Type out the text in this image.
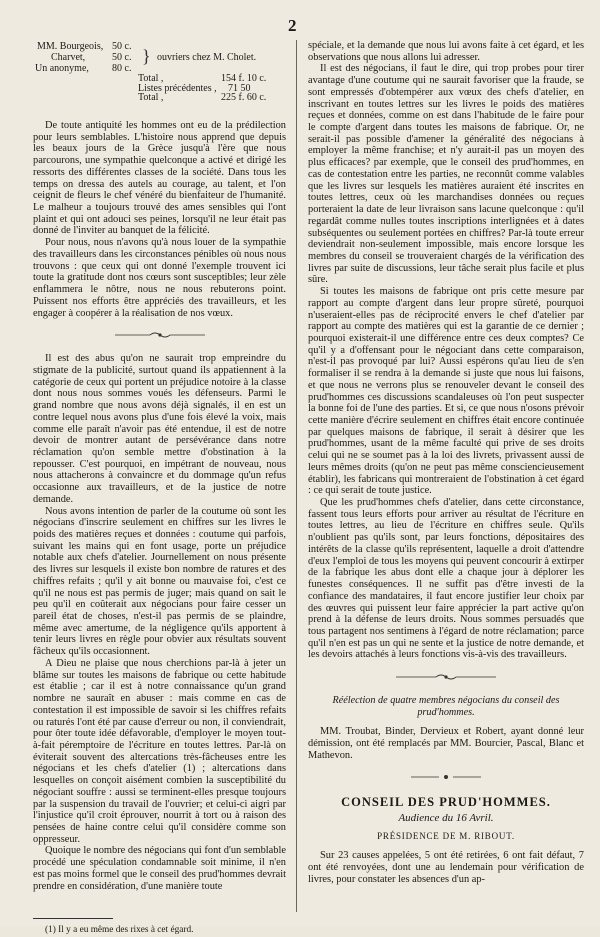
2
MM. Bourgeois, 50 c.
Charvet,	50 c.
Un anonyme, 80 c.
} ouvriers chez M. Cholet.
Total ,	154 f. 10 c.
Listes précédentes , 71 50
Total ,	225 f. 60 c.

De toute antiquité les hommes ont eu de la prédilection pour leurs semblables. L'histoire nous apprend que depuis les beaux jours de la Grèce jusqu'à l'ère que nous parcourons, une sympathie quelconque a activé et dirigé les ressorts des différentes classes de la société. Dans tous les temps on dressa des autels au courage, au talent, et l'on ceignit de fleurs le chef vénéré du bienfaiteur de l'humanité. Le malheur a toujours trouvé des ames sensibles qui l'ont plaint et qui ont adouci ses peines, lorsqu'il ne leur était pas donné de l'inviter au banquet de la félicité.

Pour nous, nous n'avons qu'à nous louer de la sympathie des travailleurs dans les circonstances pénibles où nous nous trouvons : que ceux qui ont donné l'exemple trouvent ici toute la gratitude dont nos cœurs sont susceptibles; leur zèle enflammera le nôtre, nous ne nous rebuterons point. Puissent nos efforts être appréciés des travailleurs, et les engager à coopérer à la réalisation de nos vœux.

Il est des abus qu'on ne saurait trop empreindre du stigmate de la publicité, surtout quand ils appatiennent à la catégorie de ceux qui portent un préjudice notoire à la classe dont nous nous sommes voués les défenseurs. Parmi le grand nombre que nous avons déjà signalés, il en est un contre lequel nous avons plus d'une fois élevé la voix, mais comme elle paraît n'avoir pas été entendue, il est de notre devoir de montrer autant de persévérance dans notre réclamation qu'on semble mettre d'obstination à la repousser. C'est pourquoi, en impétrant de nouveau, nous nous attacherons à convaincre et du dommage qu'un refus occasionne aux travailleurs, et de la justice de notre demande.

Nous avons intention de parler de la coutume où sont les négocians d'inscrire seulement en chiffres sur les livres le poids des matières reçues et données : coutume qui parfois, suivant les mains qui en font usage, porte un préjudice notable aux chefs d'atelier. Journellement on nous présente des livres sur lesquels il existe bon nombre de ratures et des chiffres refaits ; qu'il y ait bonne ou mauvaise foi, c'est ce qu'il ne nous est pas permis de juger; mais quand on sait le peu qu'il en coûterait aux négocians pour faire cesser un pareil état de choses, n'est-il pas permis de se plaindre, même avec amertume, de la négligence qu'ils apportent à tenir leurs livres en règle pour obvier aux résultats souvent fâcheux qu'ils occasionnent.

A Dieu ne plaise que nous cherchions par-là à jeter un blâme sur toutes les maisons de fabrique ou cette habitude est établie ; car il est à notre connaissance qu'un grand nombre ne sauraît en abuser : mais comme en cas de contestation il est impossible de savoir si les chiffres refaits ou raturés l'ont été par cause d'erreur ou non, il conviendrait, pour ôter toute idée défavorable, d'employer le moyen tout-à-fait péremptoire de l'écriture en toutes lettres. Par-là on éviterait souvent des altercations très-fâcheuses entre les négocians et les chefs d'atelier (1) ; altercations dans lesquelles on conçoit aisément combien la susceptibilité du négociant souffre : aussi se terminent-elles presque toujours par la suspension du travail de l'ouvrier; et celui-ci aigri par l'injustice qu'il croit éprouver, nourrit à tort ou à raison des pensées de haine contre celui qu'il considère comme son oppresseur.

Quoique le nombre des négocians qui font d'un semblable procédé une spéculation condamnable soit minime, il n'en est pas moins formel que le conseil des prud'hommes devrait prendre en considération, d'une manière toute

(1) Il y a eu même des rixes à cet égard.

spéciale, et la demande que nous lui avons faite à cet égard, et les observations que nous allons lui adresser.

Il est des négocians, il faut le dire, qui trop probes pour tirer avantage d'une coutume qui ne saurait favoriser que la fraude, se sont empressés d'obtempérer aux vœux des chefs d'atelier, en inscrivant en toutes lettres sur les livres le poids des matières reçues et données, comme on est dans l'habitude de le faire pour le compte d'argent dans toutes les maisons de fabrique. Or, ne serait-il pas possible d'amener la généralité des négocians à employer la même franchise; et n'y aurait-il pas un moyen des plus efficaces? par exemple, que le conseil des prud'hommes, en cas de contestation entre les parties, ne reconnût comme valables que les livres sur lesquels les matières auraient été inscrites en toutes lettres, ceux où les marchandises données ou reçues porteraient la date de leur livraison sans lacune quelconque : qu'il regardât comme nulles toutes inscriptions interlignées et à dates subséquentes ou seulement portées en chiffres? Par-là toute erreur deviendrait non-seulement impossible, mais encore lorsque les membres du conseil se trouveraient chargés de la vérification des livres par suite de discussions, leur tâche serait plus facile et plus sûre.

Si toutes les maisons de fabrique ont pris cette mesure par rapport au compte d'argent dans leur propre sûreté, pourquoi n'useraient-elles pas de réciprocité envers le chef d'atelier par rapport au compte des matières qui est la garantie de ce dernier ; pourquoi existerait-il une différence entre ces deux comptes? Ce qu'il y a d'offensant pour le négociant dans cette comparaison, n'est-il pas provoqué par lui? Aussi espérons qu'au lieu de s'en formaliser il se rendra à la demande si juste que nous lui faisons, et que nous ne verrons plus se renouveler devant le conseil des prud'hommes ces discussions scandaleuses où l'on peut suspecter la bonne foi de l'une des parties. Et si, ce que nous n'osons prévoir cette manière d'écrire seulement en chiffres était encore continuée par quelques maisons de fabrique, il serait à désirer que les prud'hommes, usant de la même faculté qui prive de ses droits celui qui ne se soumet pas à la loi des livrets, privassent aussi de leurs mêmes droits (qu'on ne peut pas même consciencieusement établir), les fabricans qui montreraient de l'obstination à cet égard : ce qui serait de toute justice.

Que les prud'hommes chefs d'atelier, dans cette circonstance, fassent tous leurs efforts pour arriver au résultat de l'écriture en toutes lettres, au lieu de l'écriture en chiffres seule. Qu'ils n'oublient pas qu'ils sont, par leurs fonctions, dépositaires des intérêts de la classe qu'ils représentent, laquelle a droit d'attendre d'eux l'emploi de tous les moyens qui peuvent concourir à extirper de la fabrique les abus dont elle a chaque jour à déplorer les funestes conséquences. Il ne suffit pas d'être investi de la confiance des mandataires, il faut encore justifier leur choix par des œuvres qui puissent leur faire apprécier la part active qu'on prend à la défense de leurs droits. Nous sommes persuadés que tous partagent nos sentimens à l'égard de notre réclamation; parce qu'il n'en est pas un qui ne sente et la justice de notre demande, et les devoirs attachés à leurs fonctions vis-à-vis des travailleurs.

Réélection de quatre membres négocians du conseil des prud'hommes.

MM. Troubat, Binder, Dervieux et Robert, ayant donné leur démission, ont été remplacés par MM. Bourcier, Pascal, Blanc et Mathevon.

CONSEIL DES PRUD'HOMMES.
Audience du 16 Avril.
PRÉSIDENCE DE M. RIBOUT.

Sur 23 causes appelées, 5 ont été retirées, 6 ont fait défaut, 7 ont été renvoyées, dont une au lendemain pour vérification de livres, pour constater les absences d'un ap-
